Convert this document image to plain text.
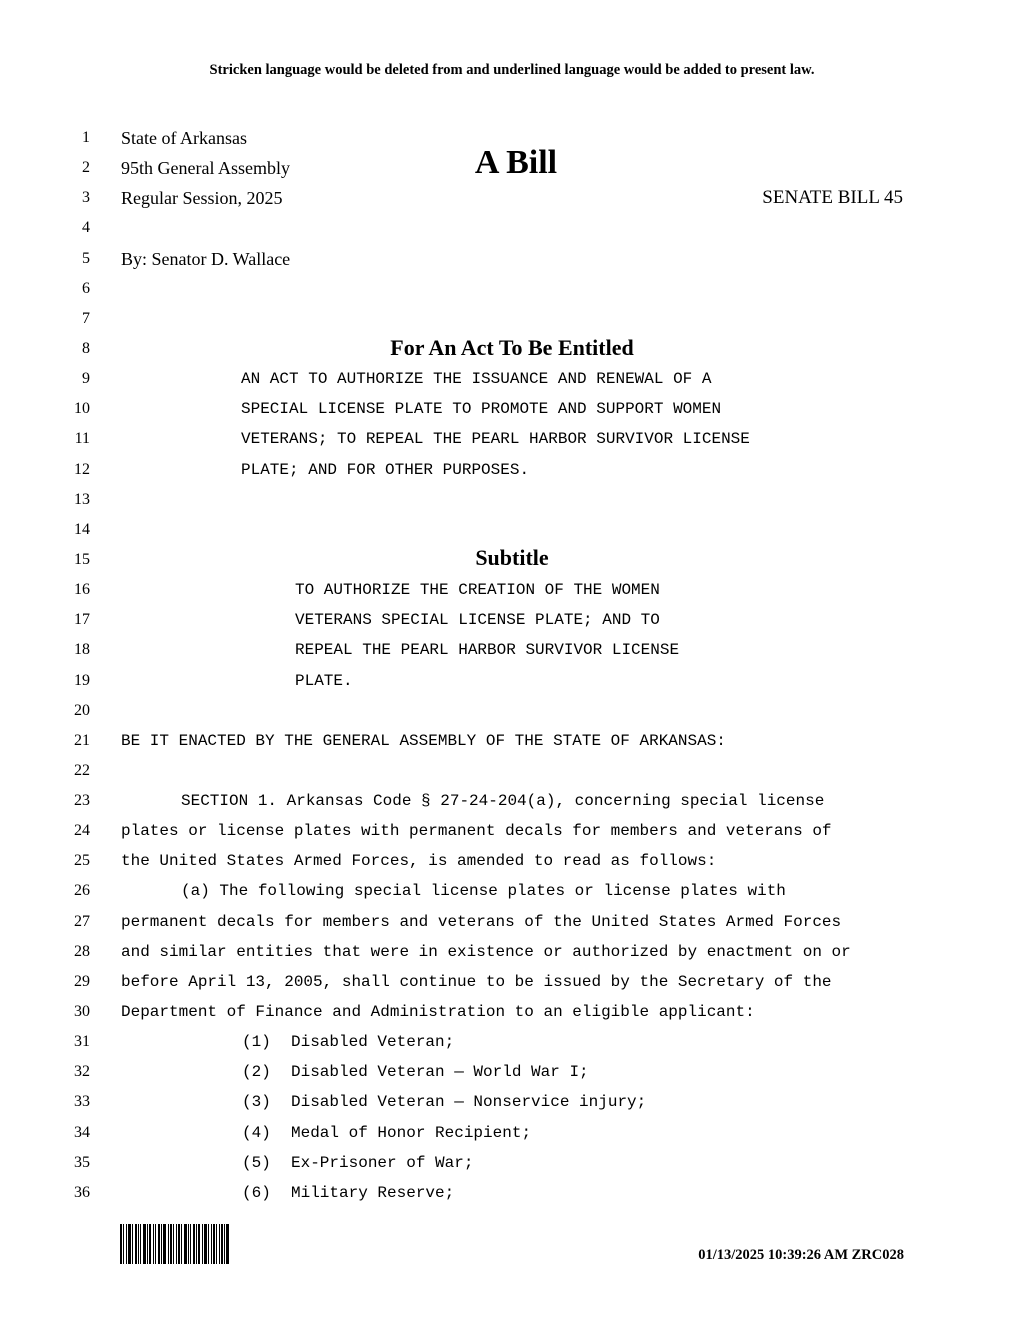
Stricken language would be deleted from and underlined language would be added to present law.
1
2
3
4
5
6
7
8
9
10
11
12
13
14
15
16
17
18
19
20
21
22
23
24
25
26
27
28
29
30
31
32
33
34
35
36
State of Arkansas
95th General Assembly
Regular Session, 2025
A Bill
SENATE BILL 45
By: Senator D. Wallace
For An Act To Be Entitled
AN ACT TO AUTHORIZE THE ISSUANCE AND RENEWAL OF A
SPECIAL LICENSE PLATE TO PROMOTE AND SUPPORT WOMEN
VETERANS; TO REPEAL THE PEARL HARBOR SURVIVOR LICENSE
PLATE; AND FOR OTHER PURPOSES.
Subtitle
TO AUTHORIZE THE CREATION OF THE WOMEN
VETERANS SPECIAL LICENSE PLATE; AND TO
REPEAL THE PEARL HARBOR SURVIVOR LICENSE
PLATE.
BE IT ENACTED BY THE GENERAL ASSEMBLY OF THE STATE OF ARKANSAS:
SECTION 1. Arkansas Code § 27-24-204(a), concerning special license
plates or license plates with permanent decals for members and veterans of
the United States Armed Forces, is amended to read as follows:
(a) The following special license plates or license plates with
permanent decals for members and veterans of the United States Armed Forces
and similar entities that were in existence or authorized by enactment on or
before April 13, 2005, shall continue to be issued by the Secretary of the
Department of Finance and Administration to an eligible applicant:
(1) Disabled Veteran;
(2) Disabled Veteran — World War I;
(3) Disabled Veteran — Nonservice injury;
(4) Medal of Honor Recipient;
(5) Ex-Prisoner of War;
(6) Military Reserve;
01/13/2025 10:39:26 AM ZRC028
